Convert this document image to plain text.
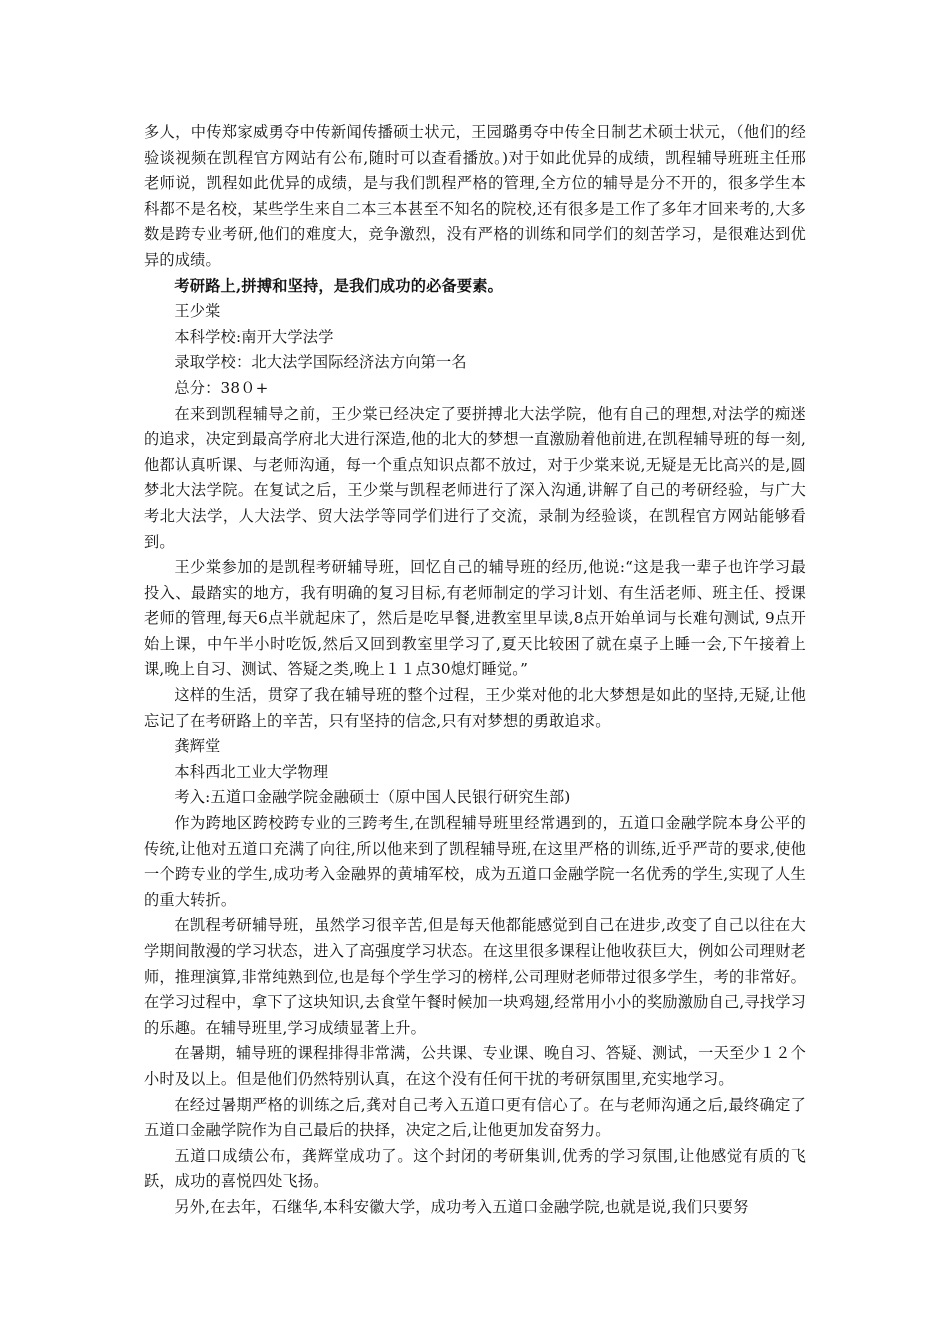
多人，中传郑家威勇夺中传新闻传播硕士状元，王园璐勇夺中传全日制艺术硕士状元，（他们的经验谈视频在凯程官方网站有公布,随时可以查看播放。)对于如此优异的成绩，凯程辅导班班主任邢老师说，凯程如此优异的成绩，是与我们凯程严格的管理,全方位的辅导是分不开的，很多学生本科都不是名校，某些学生来自二本三本甚至不知名的院校,还有很多是工作了多年才回来考的,大多数是跨专业考研,他们的难度大，竞争激烈，没有严格的训练和同学们的刻苦学习，是很难达到优异的成绩。

考研路上,拼搏和坚持，是我们成功的必备要素。

王少棠

本科学校:南开大学法学

录取学校：北大法学国际经济法方向第一名

总分：38０+

在来到凯程辅导之前，王少棠已经决定了要拼搏北大法学院，他有自己的理想,对法学的痴迷的追求，决定到最高学府北大进行深造,他的北大的梦想一直激励着他前进,在凯程辅导班的每一刻,他都认真听课、与老师沟通，每一个重点知识点都不放过，对于少棠来说,无疑是无比高兴的是,圆梦北大法学院。在复试之后，王少棠与凯程老师进行了深入沟通,讲解了自己的考研经验，与广大考北大法学，人大法学、贸大法学等同学们进行了交流，录制为经验谈，在凯程官方网站能够看到。

王少棠参加的是凯程考研辅导班，回忆自己的辅导班的经历,他说:“这是我一辈子也许学习最投入、最踏实的地方，我有明确的复习目标,有老师制定的学习计划、有生活老师、班主任、授课老师的管理,每天6点半就起床了，然后是吃早餐,进教室里早读,8点开始单词与长难句测试, 9点开始上课，中午半小时吃饭,然后又回到教室里学习了,夏天比较困了就在桌子上睡一会,下午接着上课,晚上自习、测试、答疑之类,晚上１１点30熄灯睡觉。”

这样的生活，贯穿了我在辅导班的整个过程，王少棠对他的北大梦想是如此的坚持,无疑,让他忘记了在考研路上的辛苦，只有坚持的信念,只有对梦想的勇敢追求。

龚辉堂

本科西北工业大学物理

考入:五道口金融学院金融硕士（原中国人民银行研究生部)

作为跨地区跨校跨专业的三跨考生,在凯程辅导班里经常遇到的，五道口金融学院本身公平的传统,让他对五道口充满了向往,所以他来到了凯程辅导班,在这里严格的训练,近乎严苛的要求,使他一个跨专业的学生,成功考入金融界的黄埔军校，成为五道口金融学院一名优秀的学生,实现了人生的重大转折。

在凯程考研辅导班，虽然学习很辛苦,但是每天他都能感觉到自己在进步,改变了自己以往在大学期间散漫的学习状态，进入了高强度学习状态。在这里很多课程让他收获巨大，例如公司理财老师，推理演算,非常纯熟到位,也是每个学生学习的榜样,公司理财老师带过很多学生，考的非常好。在学习过程中，拿下了这块知识,去食堂午餐时候加一块鸡翅,经常用小小的奖励激励自己,寻找学习的乐趣。在辅导班里,学习成绩显著上升。

在暑期，辅导班的课程排得非常满，公共课、专业课、晚自习、答疑、测试，一天至少１２个小时及以上。但是他们仍然特别认真，在这个没有任何干扰的考研氛围里,充实地学习。

在经过暑期严格的训练之后,龚对自己考入五道口更有信心了。在与老师沟通之后,最终确定了五道口金融学院作为自己最后的抉择，决定之后,让他更加发奋努力。

五道口成绩公布，龚辉堂成功了。这个封闭的考研集训,优秀的学习氛围,让他感觉有质的飞跃，成功的喜悦四处飞扬。

另外,在去年，石继华,本科安徽大学，成功考入五道口金融学院,也就是说,我们只要努
